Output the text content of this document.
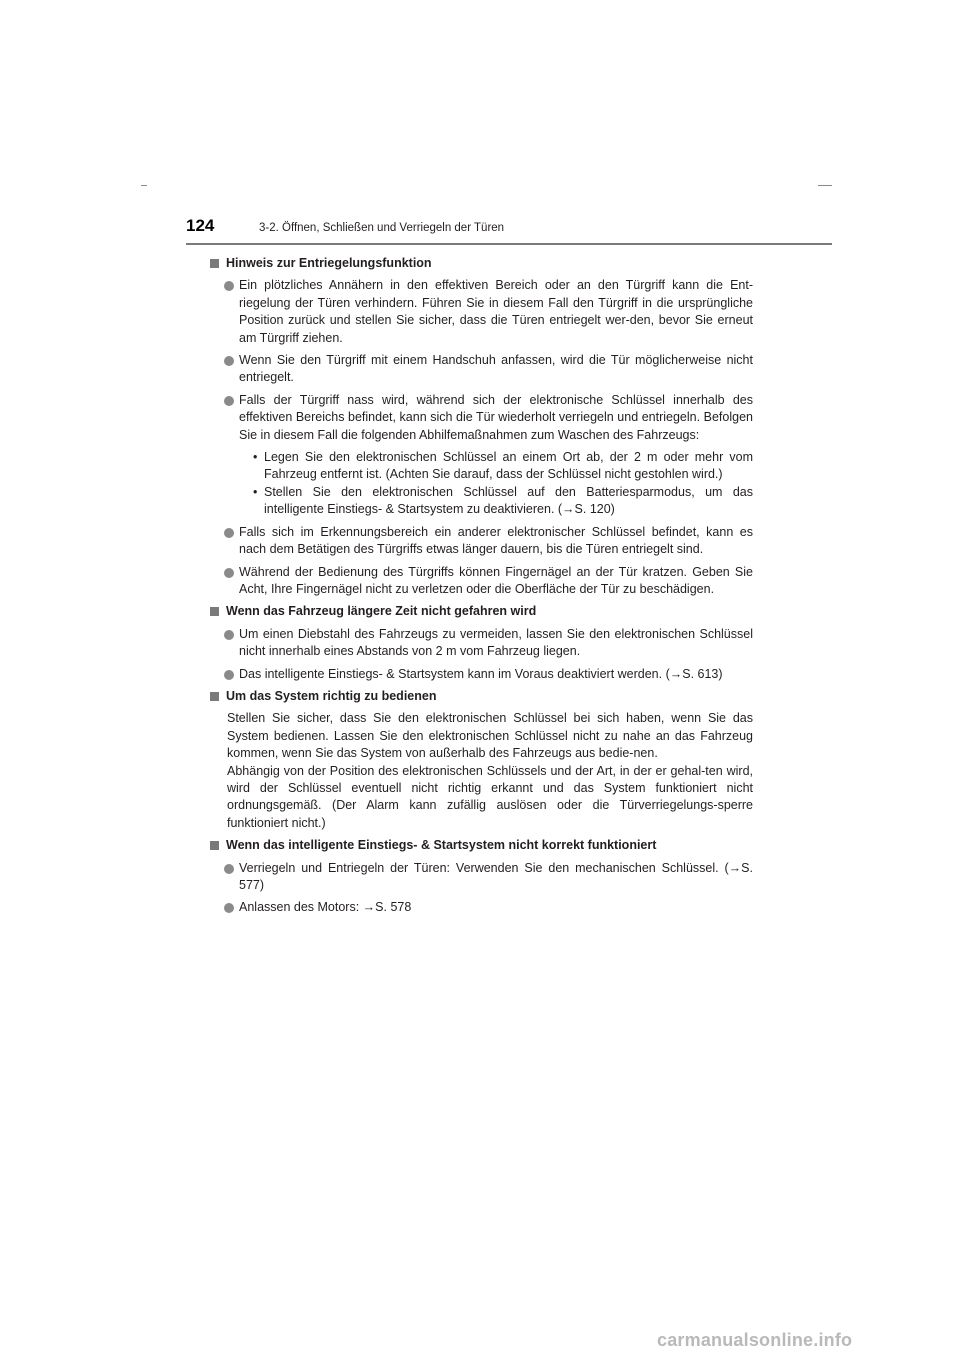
124	3-2. Öffnen, Schließen und Verriegeln der Türen
Hinweis zur Entriegelungsfunktion
Ein plötzliches Annähern in den effektiven Bereich oder an den Türgriff kann die Ent-riegelung der Türen verhindern. Führen Sie in diesem Fall den Türgriff in die ursprüngliche Position zurück und stellen Sie sicher, dass die Türen entriegelt wer-den, bevor Sie erneut am Türgriff ziehen.
Wenn Sie den Türgriff mit einem Handschuh anfassen, wird die Tür möglicherweise nicht entriegelt.
Falls der Türgriff nass wird, während sich der elektronische Schlüssel innerhalb des effektiven Bereichs befindet, kann sich die Tür wiederholt verriegeln und entriegeln. Befolgen Sie in diesem Fall die folgenden Abhilfemaßnahmen zum Waschen des Fahrzeugs:
• Legen Sie den elektronischen Schlüssel an einem Ort ab, der 2 m oder mehr vom Fahrzeug entfernt ist. (Achten Sie darauf, dass der Schlüssel nicht gestohlen wird.)
• Stellen Sie den elektronischen Schlüssel auf den Batteriesparmodus, um das intelligente Einstiegs- & Startsystem zu deaktivieren. (→S. 120)
Falls sich im Erkennungsbereich ein anderer elektronischer Schlüssel befindet, kann es nach dem Betätigen des Türgriffs etwas länger dauern, bis die Türen entriegelt sind.
Während der Bedienung des Türgriffs können Fingernägel an der Tür kratzen. Geben Sie Acht, Ihre Fingernägel nicht zu verletzen oder die Oberfläche der Tür zu beschädigen.
Wenn das Fahrzeug längere Zeit nicht gefahren wird
Um einen Diebstahl des Fahrzeugs zu vermeiden, lassen Sie den elektronischen Schlüssel nicht innerhalb eines Abstands von 2 m vom Fahrzeug liegen.
Das intelligente Einstiegs- & Startsystem kann im Voraus deaktiviert werden. (→S. 613)
Um das System richtig zu bedienen
Stellen Sie sicher, dass Sie den elektronischen Schlüssel bei sich haben, wenn Sie das System bedienen. Lassen Sie den elektronischen Schlüssel nicht zu nahe an das Fahrzeug kommen, wenn Sie das System von außerhalb des Fahrzeugs aus bedie-nen.
Abhängig von der Position des elektronischen Schlüssels und der Art, in der er gehal-ten wird, wird der Schlüssel eventuell nicht richtig erkannt und das System funktioniert nicht ordnungsgemäß. (Der Alarm kann zufällig auslösen oder die Türverriegelungs-sperre funktioniert nicht.)
Wenn das intelligente Einstiegs- & Startsystem nicht korrekt funktioniert
Verriegeln und Entriegeln der Türen: Verwenden Sie den mechanischen Schlüssel. (→S. 577)
Anlassen des Motors: →S. 578
carmanualsonline.info
